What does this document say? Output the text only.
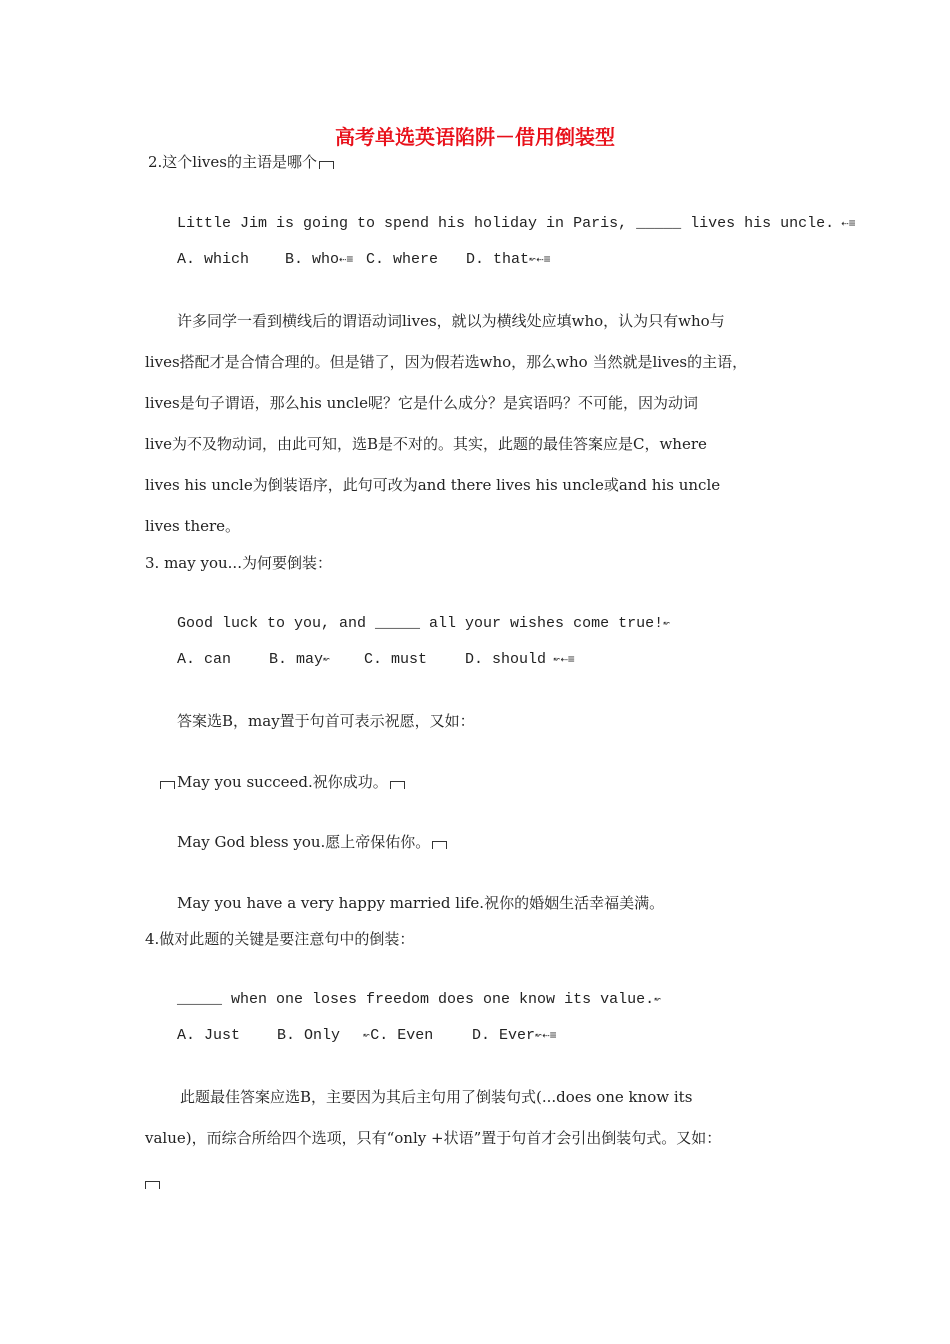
高考单选英语陷阱－借用倒装型
2.这个lives的主语是哪个
Little Jim is going to spend his holiday in Paris, _____ lives his uncle. ⇠≡
A. which B. who⇠≡ C. where D. that↜⇠≡
许多同学一看到横线后的谓语动词lives，就以为横线处应填who，认为只有who与
lives搭配才是合情合理的。但是错了，因为假若选who，那么who 当然就是lives的主语，
lives是句子谓语，那么his uncle呢？它是什么成分？是宾语吗？不可能，因为动词
live为不及物动词，由此可知，选B是不对的。其实，此题的最佳答案应是C，where
lives his uncle为倒装语序，此句可改为and there lives his uncle或and his uncle
lives there。
3. may you...为何要倒装：
Good luck to you, and _____ all your wishes come true!↜
A. can	B. may↜ C. must	D. should ↜⇠≡
答案选B，may置于句首可表示祝愿，又如：
May you succeed.祝你成功。
May God bless you.愿上帝保佑你。
May you have a very happy married life.祝你的婚姻生活幸福美满。
4.做对此题的关键是要注意句中的倒装：
_____ when one loses freedom does one know its value.↜
A. Just B. Only ↜C. Even	D. Ever↜⇠≡
此题最佳答案应选B，主要因为其后主句用了倒装句式(...does one know its
value)，而综合所给四个选项，只有“only +状语”置于句首才会引出倒装句式。又如：
